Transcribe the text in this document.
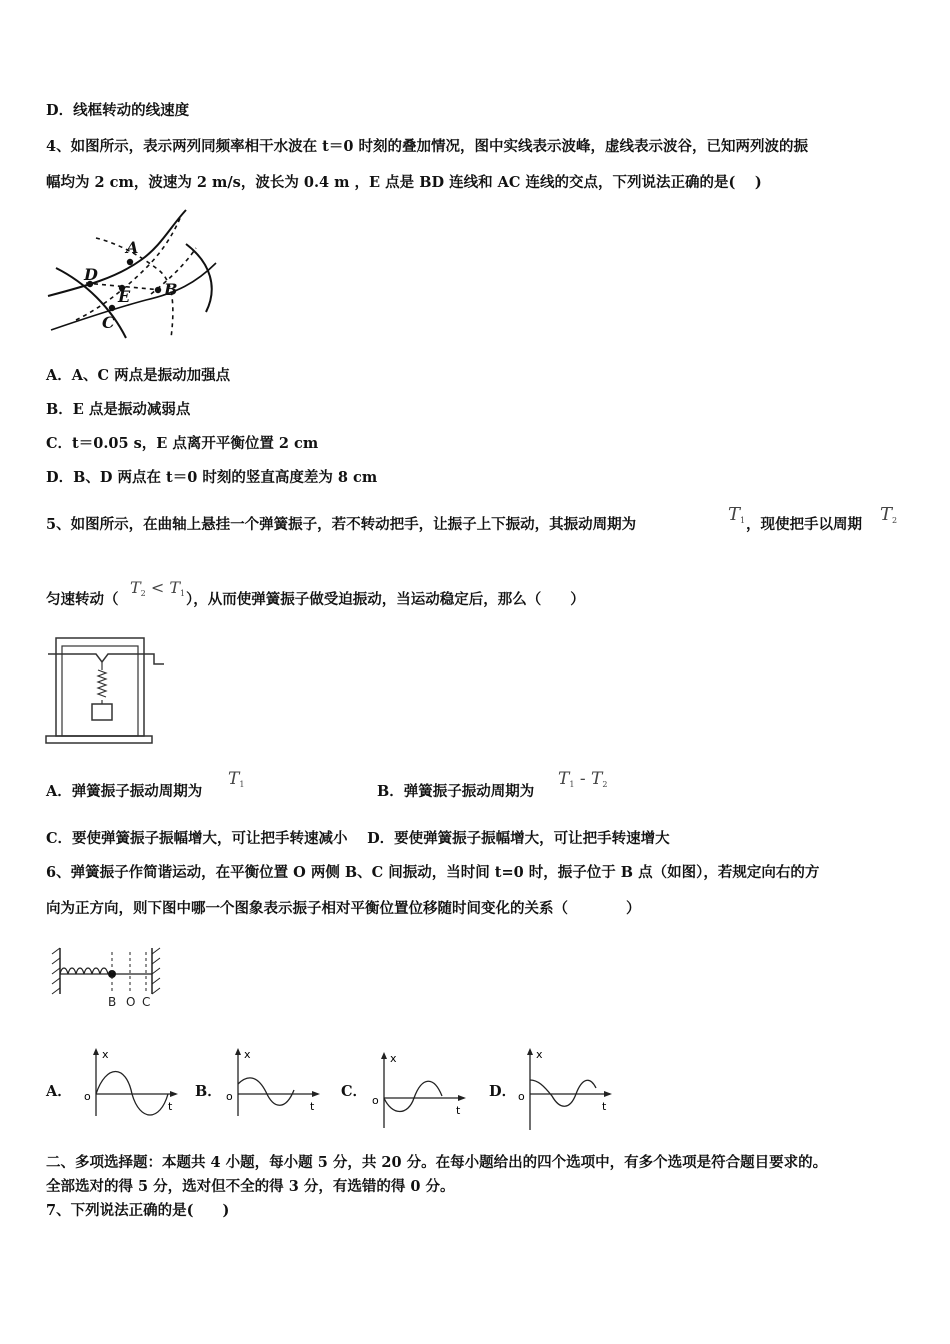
D．线框转动的线速度
4、如图所示，表示两列同频率相干水波在 t＝0 时刻的叠加情况，图中实线表示波峰，虚线表示波谷，已知两列波的振
幅均为 2 cm，波速为 2 m/s，波长为 0.4 m ，E 点是 BD 连线和 AC 连线的交点，下列说法正确的是(　 )
A
B
C
D
E
A．A、C 两点是振动加强点
B．E 点是振动减弱点
C．t＝0.05 s，E 点离开平衡位置 2 cm
D．B、D 两点在 t＝0 时刻的竖直高度差为 8 cm
5、如图所示，在曲轴上悬挂一个弹簧振子，若不转动把手，让振子上下振动，其振动周期为	$T_1$ ，现使把手以周期 $T_2$
匀速转动（
$T_2 < T_1$ ），从而使弹簧振子做受迫振动，当运动稳定后，那么（　　）
A．弹簧振子振动周期为
$T_1$	B．弹簧振子振动周期为
$T_1 - T_2$
C．要使弹簧振子振幅增大，可让把手转速减小　 D．要使弹簧振子振幅增大，可让把手转速增大
6、弹簧振子作简谐运动，在平衡位置 O 两侧 B、C 间振动，当时间 t=0 时，振子位于 B 点（如图），若规定向右的方
向为正方向，则下图中哪一个图象表示振子相对平衡位置位移随时间变化的关系（　　　　）
B O C
A．
x
t
o	B．
x
t
o	C．
x
t
o
D．
x
t
o
二、多项选择题：本题共 4 小题，每小题 5 分，共 20 分。在每小题给出的四个选项中，有多个选项是符合题目要求的。
全部选对的得 5 分，选对但不全的得 3 分，有选错的得 0 分。
7、下列说法正确的是(　　)
